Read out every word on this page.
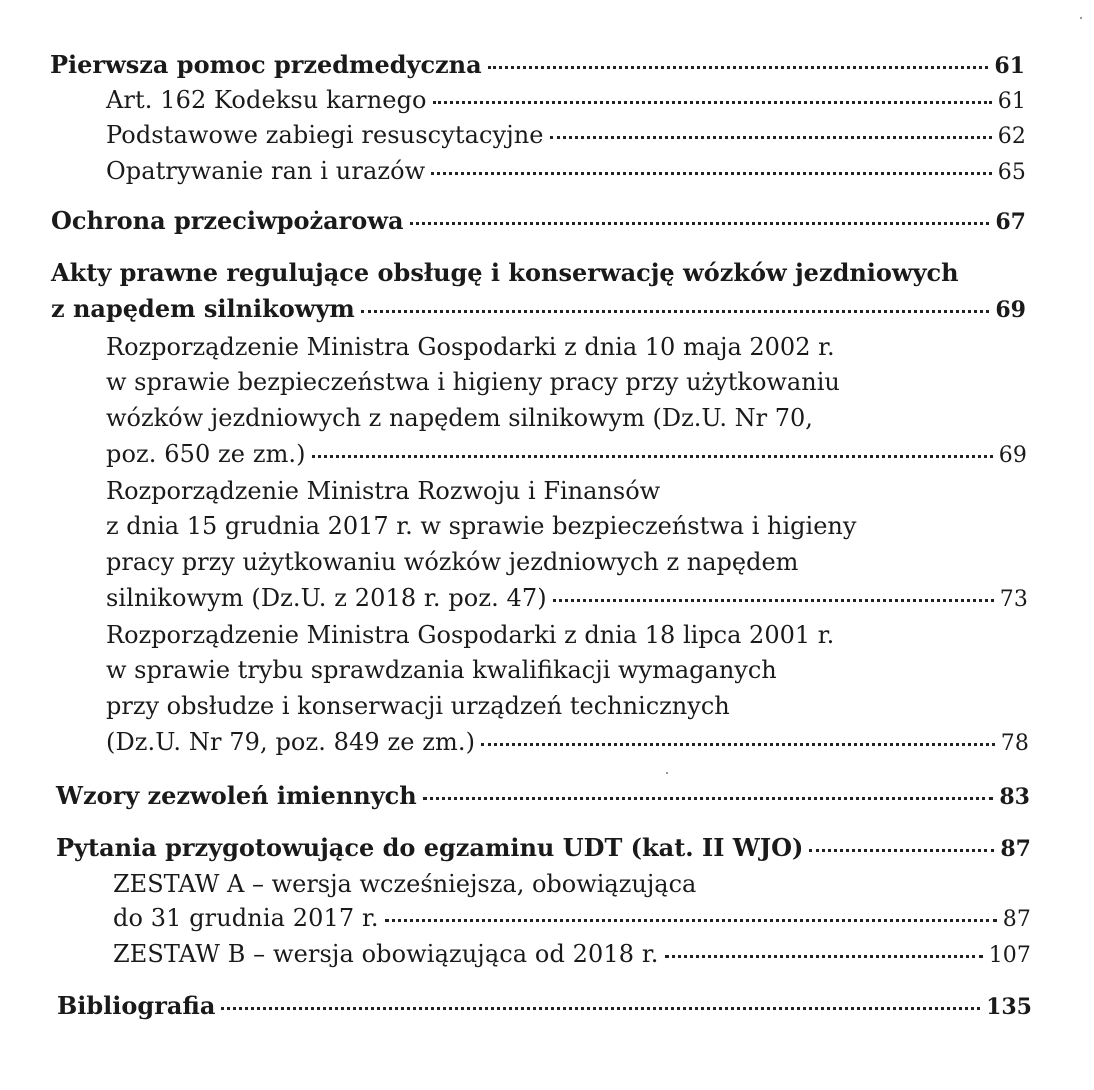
Pierwsza pomoc przedmedyczna	61
Art. 162 Kodeksu karnego	61
Podstawowe zabiegi resuscytacyjne	62
Opatrywanie ran i urazów	65
Ochrona przeciwpożarowa	67
Akty prawne regulujące obsługę i konserwację wózków jezdniowych
z napędem silnikowym	69
Rozporządzenie Ministra Gospodarki z dnia 10 maja 2002 r.
w sprawie bezpieczeństwa i higieny pracy przy użytkowaniu
wózków jezdniowych z napędem silnikowym (Dz.U. Nr 70,
poz. 650 ze zm.)	69
Rozporządzenie Ministra Rozwoju i Finansów
z dnia 15 grudnia 2017 r. w sprawie bezpieczeństwa i higieny
pracy przy użytkowaniu wózków jezdniowych z napędem
silnikowym (Dz.U. z 2018 r. poz. 47)	73
Rozporządzenie Ministra Gospodarki z dnia 18 lipca 2001 r.
w sprawie trybu sprawdzania kwalifikacji wymaganych
przy obsłudze i konserwacji urządzeń technicznych
(Dz.U. Nr 79, poz. 849 ze zm.)	78
Wzory zezwoleń imiennych	83
Pytania przygotowujące do egzaminu UDT (kat. II WJO)	87
ZESTAW A – wersja wcześniejsza, obowiązująca
do 31 grudnia 2017 r.	87
ZESTAW B – wersja obowiązująca od 2018 r.	107
Bibliografia	135
